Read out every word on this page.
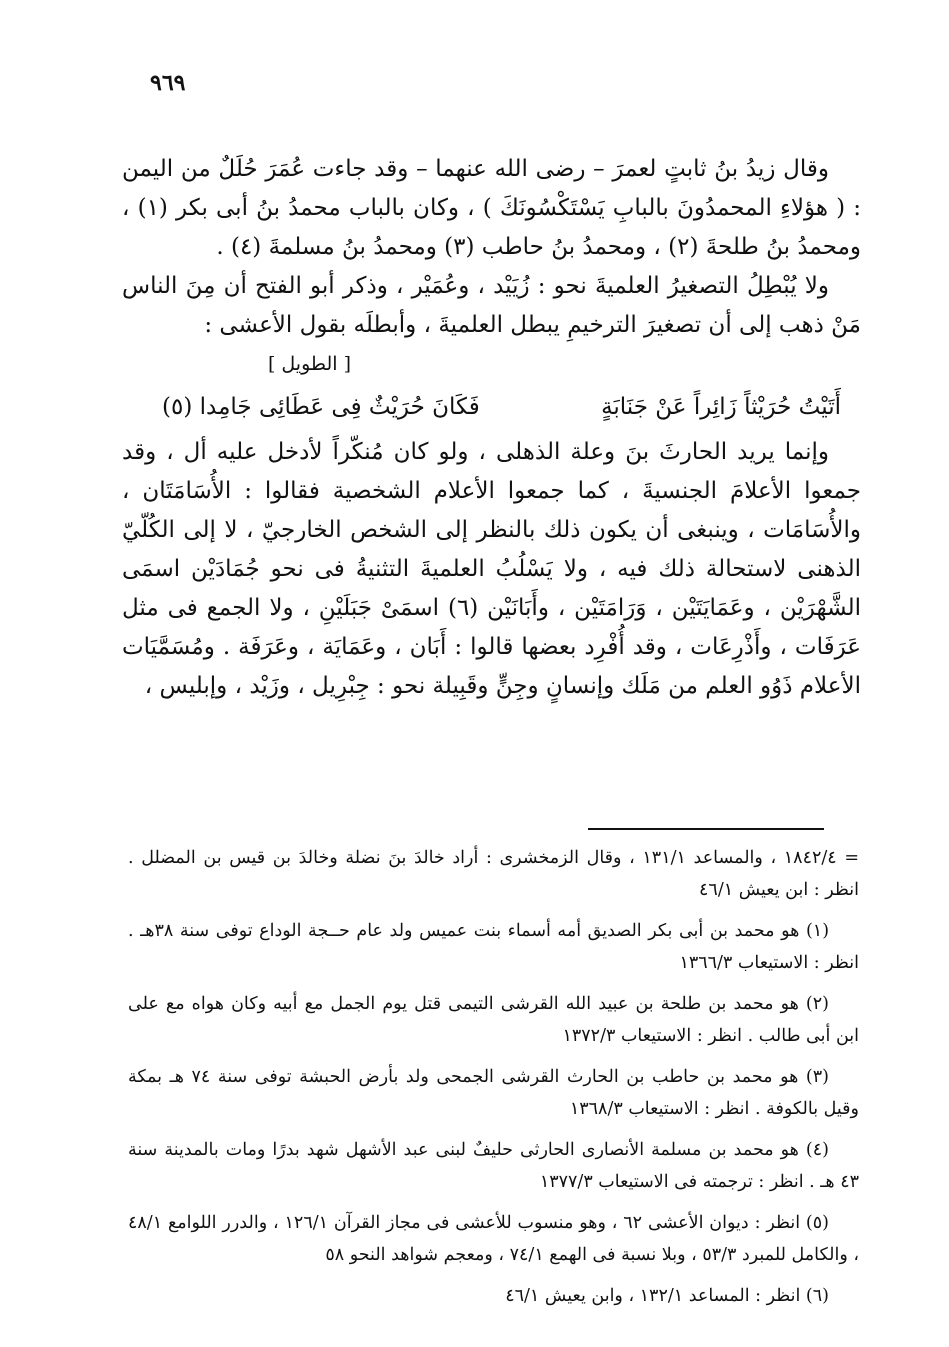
٩٦٩

وقال زيدُ بنُ ثابتٍ لعمرَ – رضى الله عنهما – وقد جاءت عُمَرَ حُلَلٌ من اليمن : ( هؤلاءِ المحمدُونَ بالبابِ يَسْتَكْسُونَكَ ) ، وكان بالباب محمدُ بنُ أبى بكر (١) ، ومحمدُ بنُ طلحةَ (٢) ، ومحمدُ بنُ حاطب (٣) ومحمدُ بنُ مسلمةَ (٤) .

ولا يُبْطِلُ التصغيرُ العلميةَ نحو : زُيَيْد ، وعُمَيْر ، وذكر أبو الفتح أن مِنَ الناس مَنْ ذهب إلى أن تصغيرَ الترخيمِ يبطل العلميةَ ، وأبطلَه بقول الأعشى :

[ الطويل ]
أَتَيْتُ حُرَيْثاً زَائِراً عَنْ جَنَابَةٍ
فَكَانَ حُرَيْثٌ فِى عَطَائِى جَامِدا (٥)

وإنما يريد الحارثَ بنَ وعلة الذهلى ، ولو كان مُنكّراً لأدخل عليه أل ، وقد جمعوا الأعلامَ الجنسيةَ ، كما جمعوا الأعلام الشخصية فقالوا : الأُسَامَتَان ، والأُسَامَات ، وينبغى أن يكون ذلك بالنظر إلى الشخص الخارجيّ ، لا إلى الكُلّيّ الذهنى لاستحالة ذلك فيه ، ولا يَسْلُبُ العلميةَ التثنيةُ فى نحو جُمَادَيْن اسمَى الشَّهْرَيْن ، وعَمَايَتَيْن ، وَرَامَتَيْن ، وأَبَانَيْن (٦) اسمَىْ جَبَلَيْنِ ، ولا الجمع فى مثل عَرَفَات ، وأَذْرِعَات ، وقد أُفْرِد بعضها قالوا : أَبَان ، وعَمَايَة ، وعَرَفَة . ومُسَمَّيَات الأعلام ذَوُو العلم من مَلَك وإنسانٍ وجِنٍّ وقَبِيلة نحو : جِبْرِيل ، وزَيْد ، وإبليس ،

= ١٨٤٢/٤ ، والمساعد ١٣١/١ ، وقال الزمخشرى : أراد خالدَ بنَ نضلة وخالدَ بن قيس بن المضلل . انظر : ابن يعيش ٤٦/١

(١) هو محمد بن أبى بكر الصديق أمه أسماء بنت عميس ولد عام حــجة الوداع توفى سنة ٣٨هـ . انظر : الاستيعاب ١٣٦٦/٣

(٢) هو محمد بن طلحة بن عبيد الله القرشى التيمى قتل يوم الجمل مع أبيه وكان هواه مع على ابن أبى طالب . انظر : الاستيعاب ١٣٧٢/٣

(٣) هو محمد بن حاطب بن الحارث القرشى الجمحى ولد بأرض الحبشة توفى سنة ٧٤ هـ بمكة وقيل بالكوفة . انظر : الاستيعاب ١٣٦٨/٣

(٤) هو محمد بن مسلمة الأنصارى الحارثى حليفٌ لبنى عبد الأشهل شهد بدرًا ومات بالمدينة سنة ٤٣ هـ . انظر : ترجمته فى الاستيعاب ١٣٧٧/٣

(٥) انظر : ديوان الأعشى ٦٢ ، وهو منسوب للأعشى فى مجاز القرآن ١٢٦/١ ، والدرر اللوامع ٤٨/١ ، والكامل للمبرد ٥٣/٣ ، وبلا نسبة فى الهمع ٧٤/١ ، ومعجم شواهد النحو ٥٨

(٦) انظر : المساعد ١٣٢/١ ، وابن يعيش ٤٦/١
